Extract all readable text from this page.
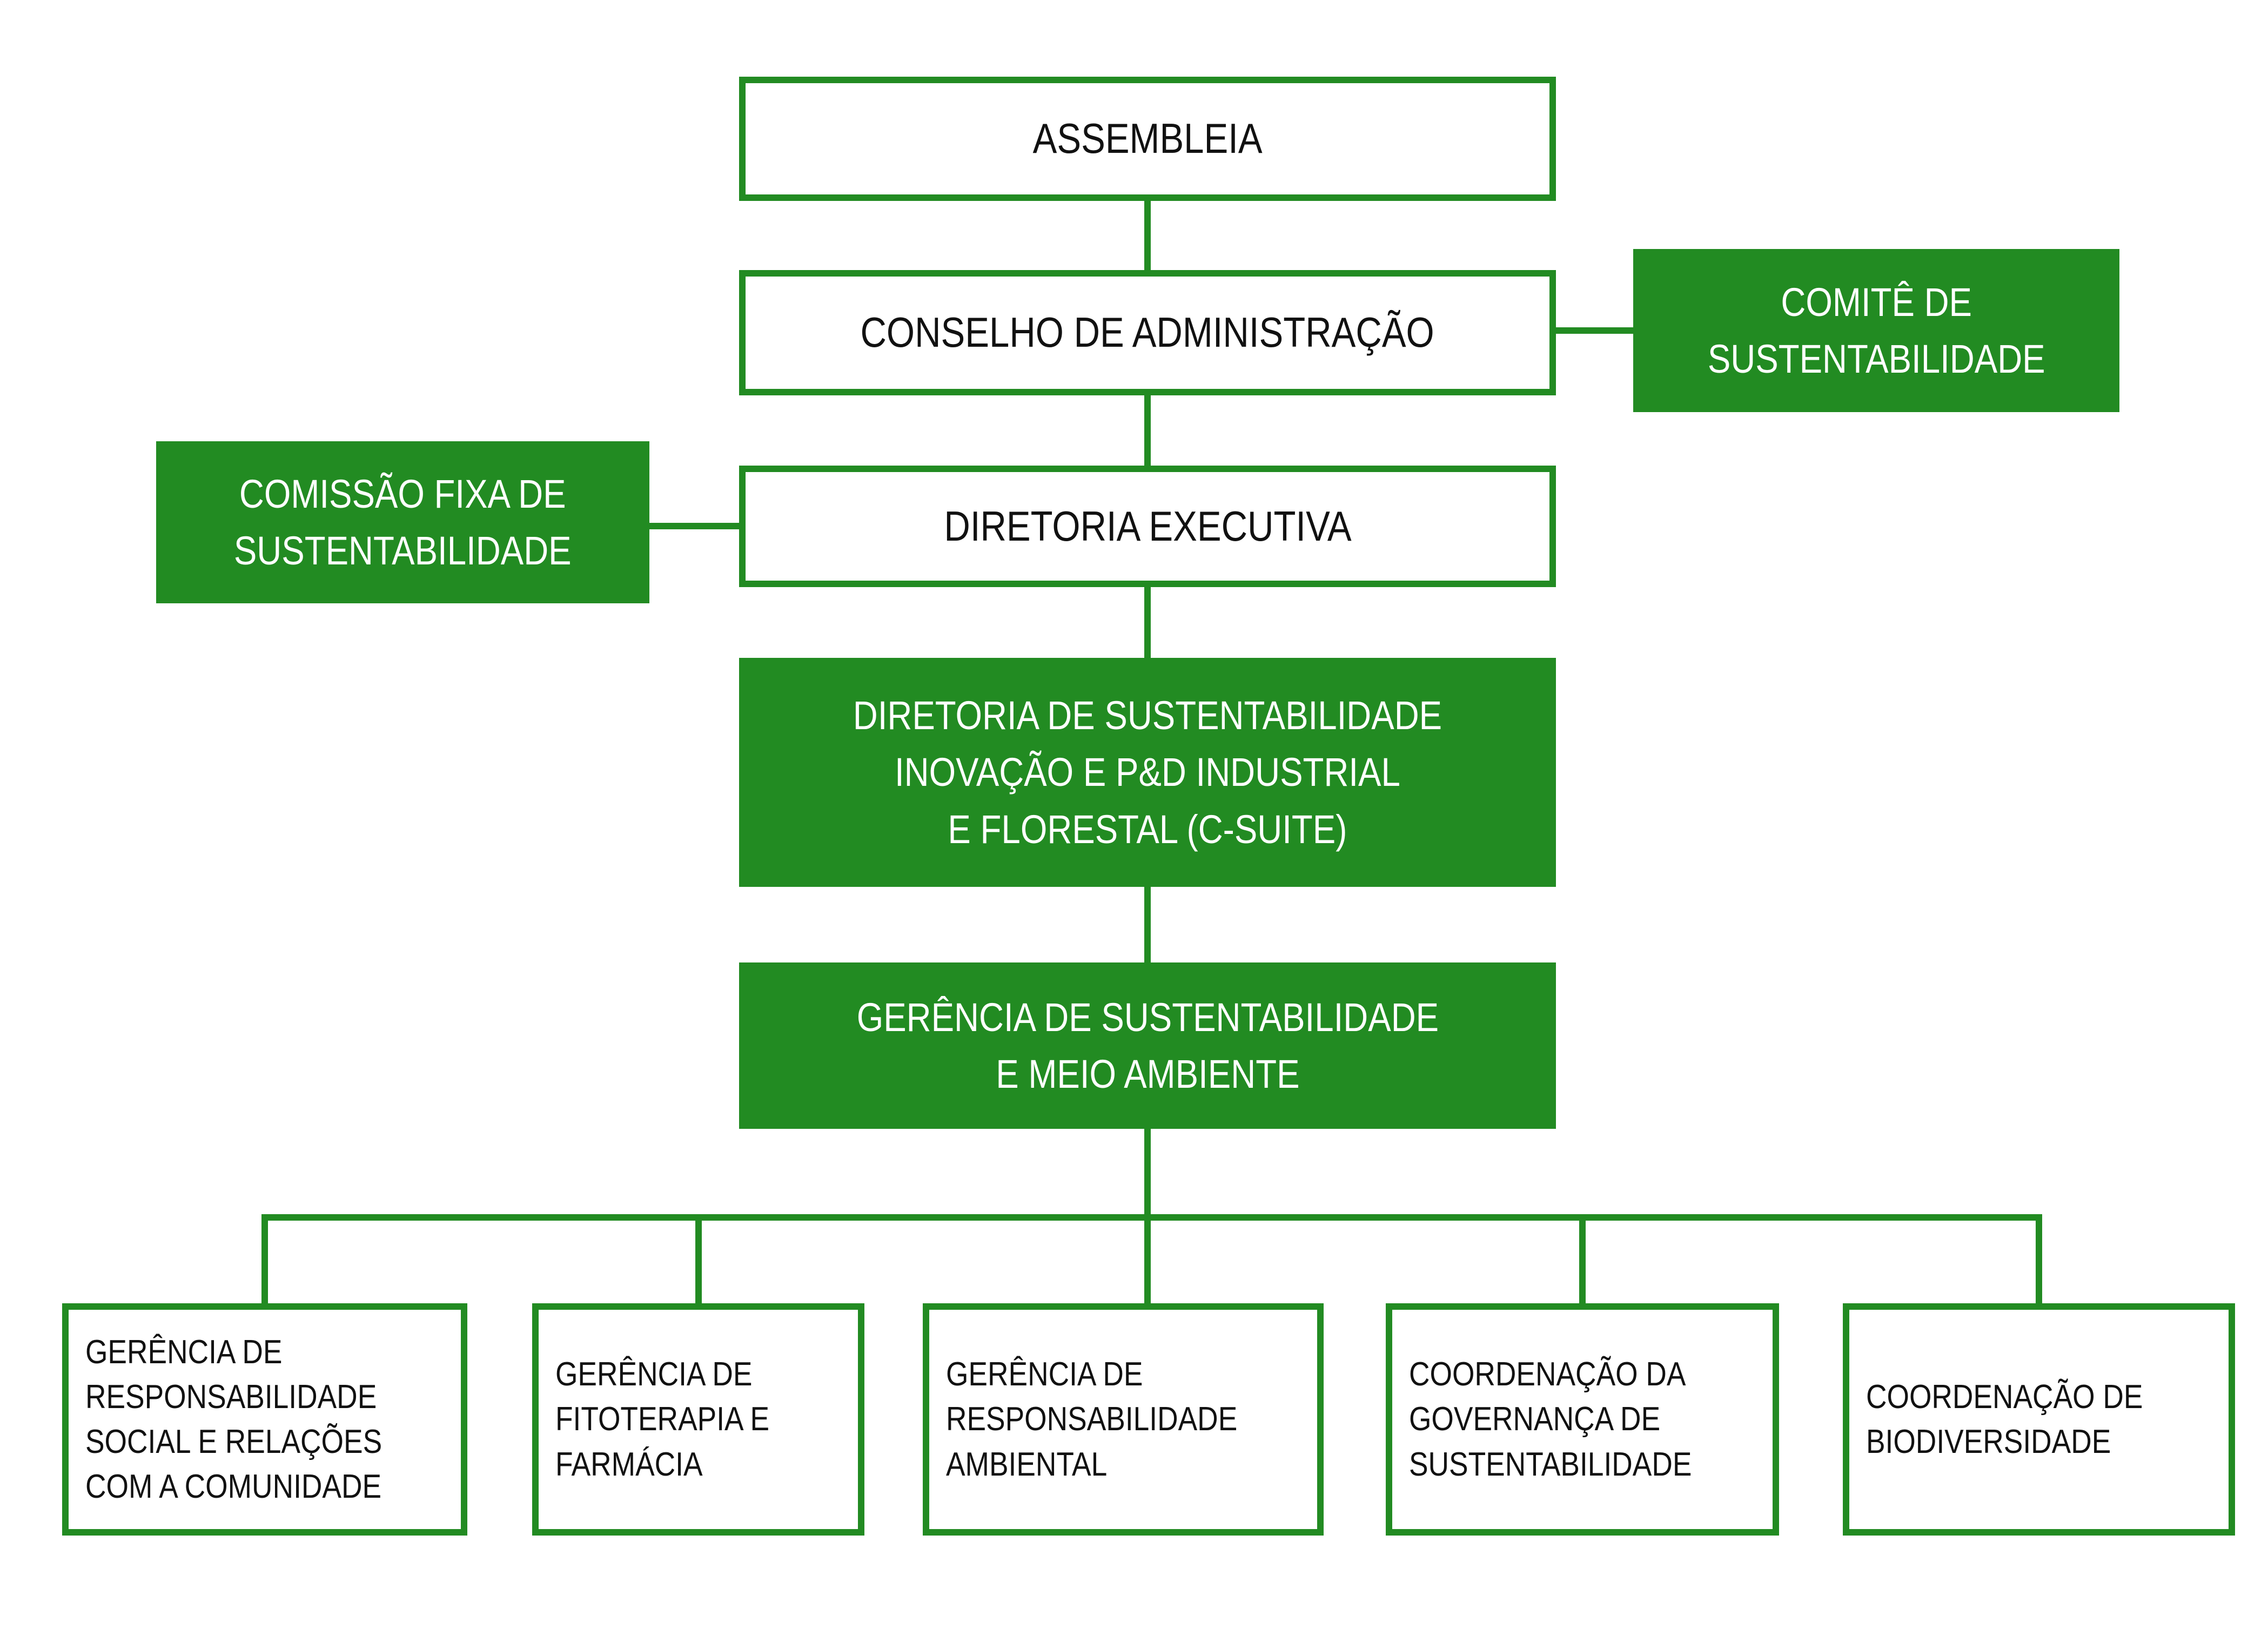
ASSEMBLEIA
CONSELHO DE ADMINISTRAÇÃO
COMITÊ DE
SUSTENTABILIDADE
COMISSÃO FIXA DE
SUSTENTABILIDADE
DIRETORIA EXECUTIVA
DIRETORIA DE SUSTENTABILIDADE
INOVAÇÃO E P&D INDUSTRIAL
E FLORESTAL (C-SUITE)
GERÊNCIA DE SUSTENTABILIDADE
E MEIO AMBIENTE
GERÊNCIA DE
RESPONSABILIDADE
SOCIAL E RELAÇÕES
COM A COMUNIDADE
GERÊNCIA DE
FITOTERAPIA E
FARMÁCIA
GERÊNCIA DE
RESPONSABILIDADE
AMBIENTAL
COORDENAÇÃO DA
GOVERNANÇA DE
SUSTENTABILIDADE
COORDENAÇÃO DE
BIODIVERSIDADE
